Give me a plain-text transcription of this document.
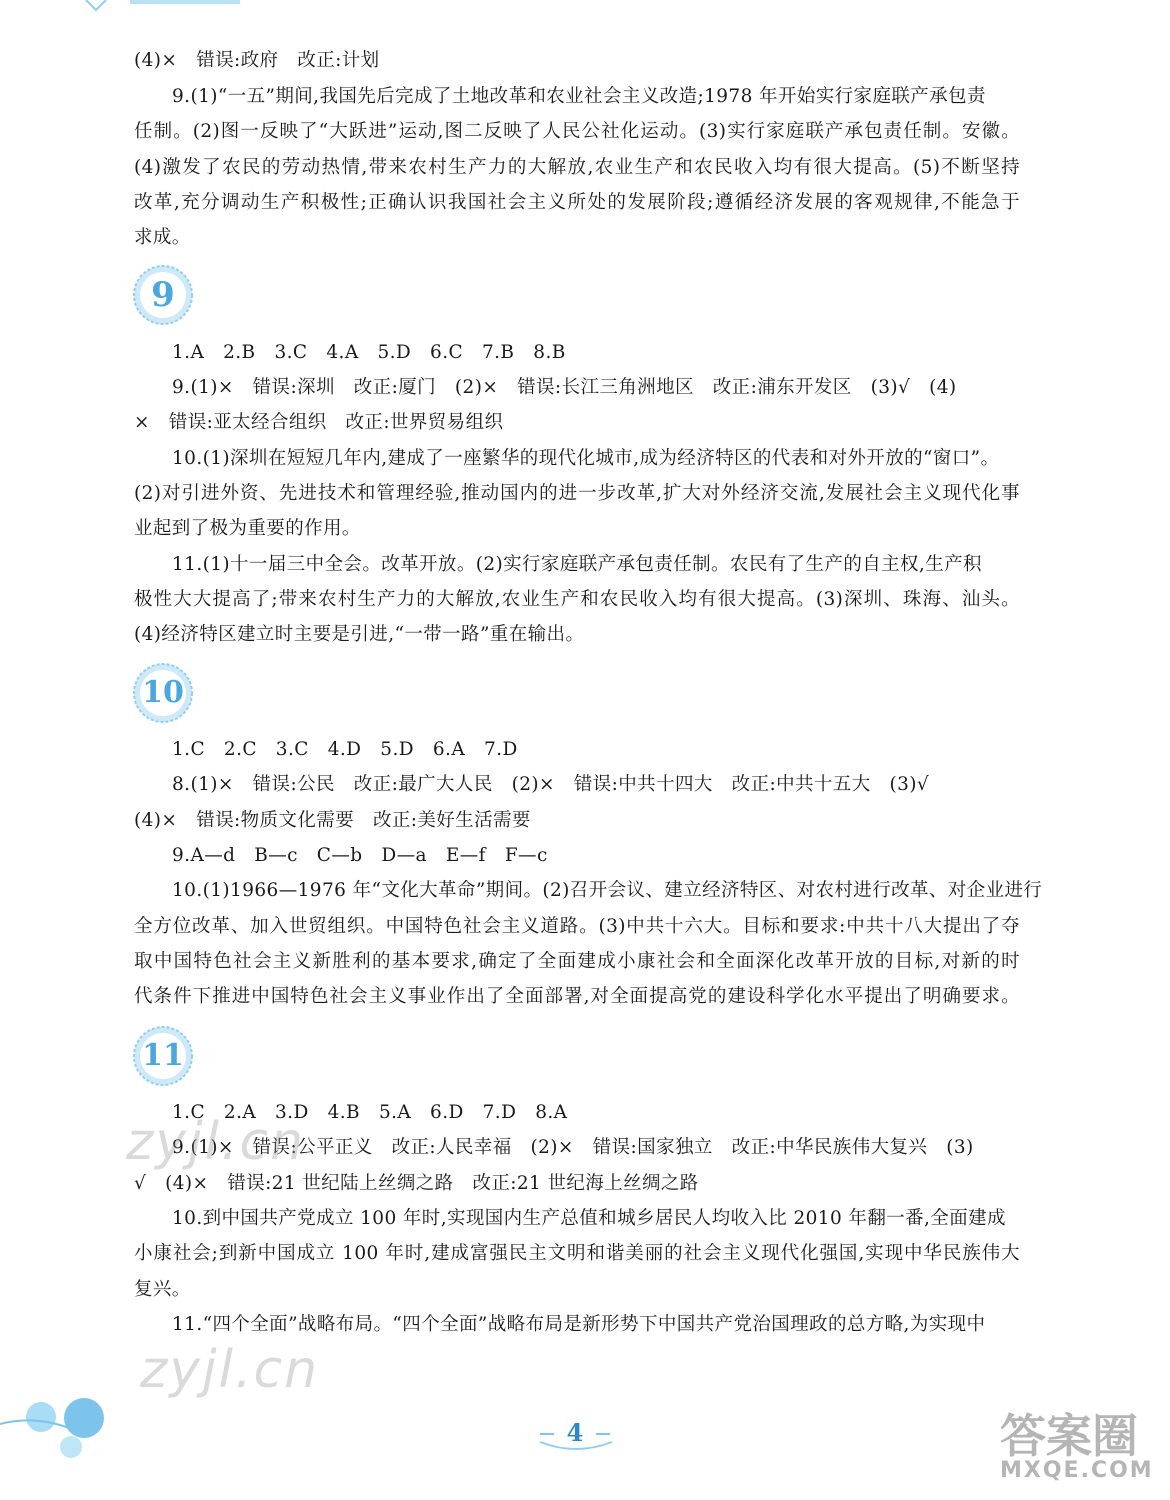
(4)×　错误:政府　改正:计划
9.(1)“一五”期间,我国先后完成了土地改革和农业社会主义改造;1978 年开始实行家庭联产承包责
任制。(2)图一反映了“大跃进”运动,图二反映了人民公社化运动。(3)实行家庭联产承包责任制。安徽。
(4)激发了农民的劳动热情,带来农村生产力的大解放,农业生产和农民收入均有很大提高。(5)不断坚持
改革,充分调动生产积极性;正确认识我国社会主义所处的发展阶段;遵循经济发展的客观规律,不能急于
求成。
9
1.A　2.B　3.C　4.A　5.D　6.C　7.B　8.B
9.(1)×　错误:深圳　改正:厦门　(2)×　错误:长江三角洲地区　改正:浦东开发区　(3)√　(4)
×　错误:亚太经合组织　改正:世界贸易组织
10.(1)深圳在短短几年内,建成了一座繁华的现代化城市,成为经济特区的代表和对外开放的“窗口”。
(2)对引进外资、先进技术和管理经验,推动国内的进一步改革,扩大对外经济交流,发展社会主义现代化事
业起到了极为重要的作用。
11.(1)十一届三中全会。改革开放。(2)实行家庭联产承包责任制。农民有了生产的自主权,生产积
极性大大提高了;带来农村生产力的大解放,农业生产和农民收入均有很大提高。(3)深圳、珠海、汕头。
(4)经济特区建立时主要是引进,“一带一路”重在输出。
10
1.C　2.C　3.C　4.D　5.D　6.A　7.D
8.(1)×　错误:公民　改正:最广大人民　(2)×　错误:中共十四大　改正:中共十五大　(3)√
(4)×　错误:物质文化需要　改正:美好生活需要
9.A—d　B—c　C—b　D—a　E—f　F—c
10.(1)1966—1976 年“文化大革命”期间。(2)召开会议、建立经济特区、对农村进行改革、对企业进行
全方位改革、加入世贸组织。中国特色社会主义道路。(3)中共十六大。目标和要求:中共十八大提出了夺
取中国特色社会主义新胜利的基本要求,确定了全面建成小康社会和全面深化改革开放的目标,对新的时
代条件下推进中国特色社会主义事业作出了全面部署,对全面提高党的建设科学化水平提出了明确要求。
11
1.C　2.A　3.D　4.B　5.A　6.D　7.D　8.A
9.(1)×　错误:公平正义　改正:人民幸福　(2)×　错误:国家独立　改正:中华民族伟大复兴　(3)
√　(4)×　错误:21 世纪陆上丝绸之路　改正:21 世纪海上丝绸之路
10.到中国共产党成立 100 年时,实现国内生产总值和城乡居民人均收入比 2010 年翻一番,全面建成
小康社会;到新中国成立 100 年时,建成富强民主文明和谐美丽的社会主义现代化强国,实现中华民族伟大
复兴。
11.“四个全面”战略布局。“四个全面”战略布局是新形势下中国共产党治国理政的总方略,为实现中
zyjl.cn
zyjl.cn
4	答案圈
MXQE.COM
